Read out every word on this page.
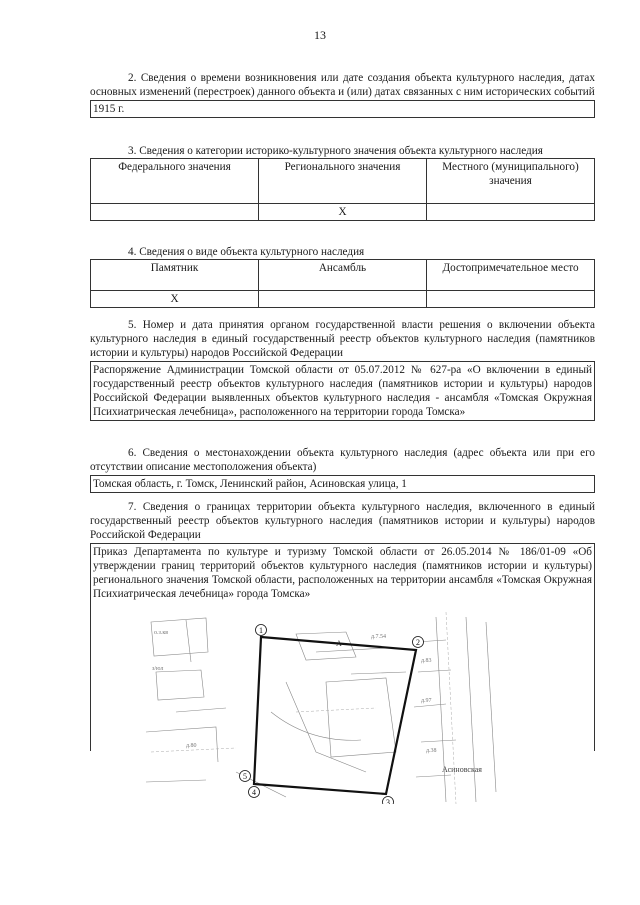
13

2. Сведения о времени возникновения или дате создания объекта культурного наследия, датах основных изменений (перестроек) данного объекта и (или) датах связанных с ним исторических событий

1915 г.

3. Сведения о категории историко-культурного значения объекта культурного наследия

Федерального значения	Регионального значения	Местного (муниципального) значения
	Х	

4. Сведения о виде объекта культурного наследия

Памятник	Ансамбль	Достопримечательное место
Х		

5. Номер и дата принятия органом государственной власти решения о включении объекта культурного наследия в единый государственный реестр объектов культурного наследия (памятников истории и культуры) народов Российской Федерации

Распоряжение Администрации Томской области от 05.07.2012 № 627-ра «О включении в единый государственный реестр объектов культурного наследия (памятников истории и культуры) народов Российской Федерации выявленных объектов культурного наследия - ансамбля «Томская Окружная Психиатрическая лечебница», расположенного на территории города Томска»

6. Сведения о местонахождении объекта культурного наследия (адрес объекта или при его отсутствии описание местоположения объекта)

Томская область, г. Томск, Ленинский район, Асиновская улица, 1

7. Сведения о границах территории объекта культурного наследия, включенного в единый государственный реестр объектов культурного наследия (памятников истории и культуры) народов Российской Федерации

Приказ Департамента по культуре и туризму Томской области от 26.05.2014 № 186/01-09 «Об утверждении границ территорий объектов культурного наследия (памятников истории и культуры) регионального значения Томской области, расположенных на территории ансамбля «Томская Окружная Психиатрическая лечебница» города Томска»
о.з.кв
з/юл
д.7.54
д.83
д.97
д.38
д.80
Асиновская
А
1
2
3
4
5
